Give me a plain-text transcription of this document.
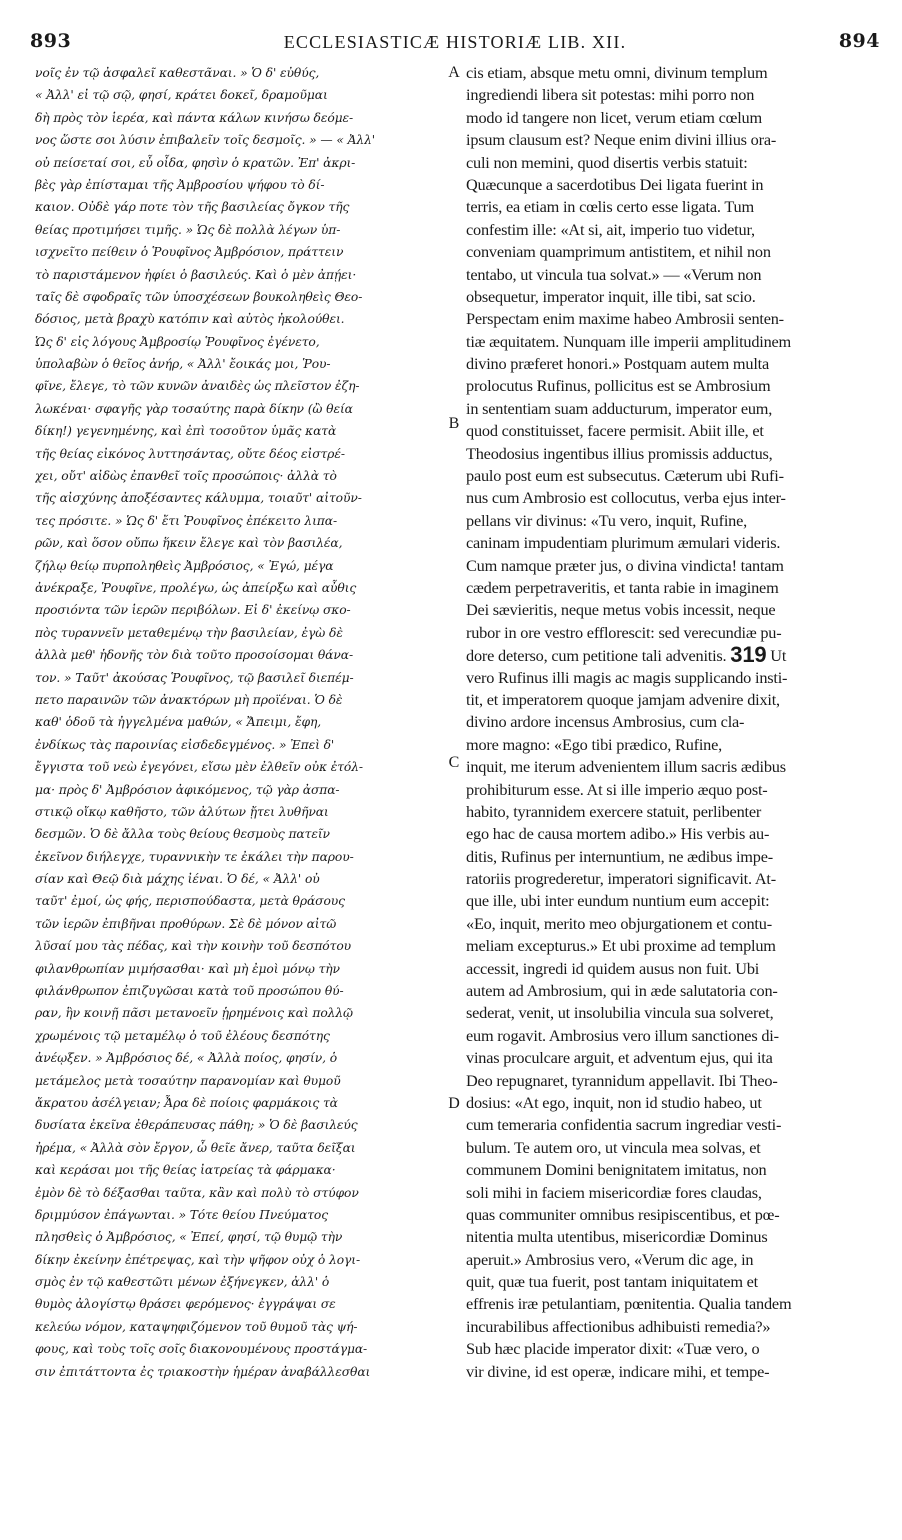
893	ECCLESIASTICÆ HISTORIÆ LIB. XII.	894
νοῖς ἐν τῷ ἀσφαλεῖ καθεστᾶναι. » Ὁ δ' εὐθύς,
« Ἀλλ' εἰ τῷ σῷ, φησί, κράτει δοκεῖ, δραμοῦμαι
δὴ πρὸς τὸν ἱερέα, καὶ πάντα κάλων κινήσω δεόμε-
νος ὥστε σοι λύσιν ἐπιβαλεῖν τοῖς δεσμοῖς. » — « Ἀλλ'
οὐ πείσεταί σοι, εὖ οἶδα, φησὶν ὁ κρατῶν. Ἐπ' ἀκρι-
βὲς γὰρ ἐπίσταμαι τῆς Ἀμβροσίου ψήφου τὸ δί-
καιον. Οὐδὲ γάρ ποτε τὸν τῆς βασιλείας ὄγκον τῆς
θείας προτιμήσει τιμῆς. » Ὡς δὲ πολλὰ λέγων ὑπ-
ισχνεῖτο πείθειν ὁ Ῥουφῖνος Ἀμβρόσιον, πράττειν
τὸ παριστάμενον ἠφίει ὁ βασιλεύς. Καὶ ὁ μὲν ἀπῄει·
ταῖς δὲ σφοδραῖς τῶν ὑποσχέσεων βουκοληθεὶς Θεο-
δόσιος, μετὰ βραχὺ κατόπιν καὶ αὐτὸς ἠκολούθει.
Ὡς δ' εἰς λόγους Ἀμβροσίῳ Ῥουφῖνος ἐγένετο,
ὑπολαβὼν ὁ θεῖος ἀνήρ, « Ἀλλ' ἔοικάς μοι, Ῥου-
φῖνε, ἔλεγε, τὸ τῶν κυνῶν ἀναιδὲς ὡς πλεῖστον ἐζη-
λωκέναι· σφαγῆς γὰρ τοσαύτης παρὰ δίκην (ὢ θεία
δίκη!) γεγενημένης, καὶ ἐπὶ τοσοῦτον ὑμᾶς κατὰ
τῆς θείας εἰκόνος λυττησάντας, οὔτε δέος εἰστρέ-
χει, οὔτ' αἰδὼς ἐπανθεῖ τοῖς προσώποις· ἀλλὰ τὸ
τῆς αἰσχύνης ἀποξέσαντες κάλυμμα, τοιαῦτ' αἰτοῦν-
τες πρόσιτε. » Ὡς δ' ἔτι Ῥουφῖνος ἐπέκειτο λιπα-
ρῶν, καὶ ὅσον οὔπω ἥκειν ἔλεγε καὶ τὸν βασιλέα,
ζήλῳ θείῳ πυρποληθεὶς Ἀμβρόσιος, « Ἐγώ, μέγα
ἀνέκραξε, Ῥουφῖνε, προλέγω, ὡς ἀπείρξω καὶ αὖθις
προσιόντα τῶν ἱερῶν περιβόλων. Εἰ δ' ἐκείνῳ σκο-
πὸς τυραννεῖν μεταθεμένῳ τὴν βασιλείαν, ἐγὼ δὲ
ἀλλὰ μεθ' ἡδονῆς τὸν διὰ τοῦτο προσοίσομαι θάνα-
τον. » Ταῦτ' ἀκούσας Ῥουφῖνος, τῷ βασιλεῖ διεπέμ-
πετο παραινῶν τῶν ἀνακτόρων μὴ προϊέναι. Ὁ δὲ
καθ' ὁδοῦ τὰ ἠγγελμένα μαθών, « Ἄπειμι, ἔφη,
ἐνδίκως τὰς παροινίας εἰσδεδεγμένος. » Ἐπεὶ δ'
ἔγγιστα τοῦ νεὼ ἐγεγόνει, εἴσω μὲν ἐλθεῖν οὐκ ἐτόλ-
μα· πρὸς δ' Ἀμβρόσιον ἀφικόμενος, τῷ γὰρ ἀσπα-
στικῷ οἴκῳ καθῆστο, τῶν ἀλύτων ᾔτει λυθῆναι
δεσμῶν. Ὁ δὲ ἄλλα τοὺς θείους θεσμοὺς πατεῖν
ἐκεῖνον διήλεγχε, τυραννικὴν τε ἐκάλει τὴν παρου-
σίαν καὶ Θεῷ διὰ μάχης ἰέναι. Ὁ δέ, « Ἀλλ' οὐ
ταῦτ' ἐμοί, ὡς φής, περισπούδαστα, μετὰ θράσους
τῶν ἱερῶν ἐπιβῆναι προθύρων. Σὲ δὲ μόνον αἰτῶ
λῦσαί μου τὰς πέδας, καὶ τὴν κοινὴν τοῦ δεσπότου
φιλανθρωπίαν μιμήσασθαι· καὶ μὴ ἐμοὶ μόνῳ τὴν
φιλάνθρωπον ἐπιζυγῶσαι κατὰ τοῦ προσώπου θύ-
ραν, ἣν κοινῇ πᾶσι μετανοεῖν ᾑρημένοις καὶ πολλῷ
χρωμένοις τῷ μεταμέλῳ ὁ τοῦ ἐλέους δεσπότης
ἀνέῳξεν. » Ἀμβρόσιος δέ, « Ἀλλὰ ποίος, φησίν, ὁ
μετάμελος μετὰ τοσαύτην παρανομίαν καὶ θυμοῦ
ἄκρατου ἀσέλγειαν; Ἆρα δὲ ποίοις φαρμάκοις τὰ
δυσίατα ἐκεῖνα ἐθεράπευσας πάθη; » Ὁ δὲ βασιλεύς
ἠρέμα, « Ἀλλὰ σὸν ἔργον, ὦ θεῖε ἄνερ, ταῦτα δεῖξαι
καὶ κεράσαι μοι τῆς θείας ἰατρείας τὰ φάρμακα·
ἐμὸν δὲ τὸ δέξασθαι ταῦτα, κἂν καὶ πολὺ τὸ στύφον
δριμμύσον ἐπάγωνται. » Τότε θείου Πνεύματος
πλησθεὶς ὁ Ἀμβρόσιος, « Ἐπεί, φησί, τῷ θυμῷ τὴν
δίκην ἐκείνην ἐπέτρεψας, καὶ τὴν ψῆφον οὐχ ὁ λογι-
σμὸς ἐν τῷ καθεστῶτι μένων ἐξήνεγκεν, ἀλλ' ὁ
θυμὸς ἀλογίστῳ θράσει φερόμενος· ἐγγράψαι σε
κελεύω νόμον, καταψηφιζόμενον τοῦ θυμοῦ τὰς ψή-
φους, καὶ τοὺς τοῖς σοῖς διακονουμένους προστάγμα-
σιν ἐπιτάττοντα ἐς τριακοστὴν ἡμέραν ἀναβάλλεσθαι
A
B
C
D
cis etiam, absque metu omni, divinum templum
ingrediendi libera sit potestas: mihi porro non
modo id tangere non licet, verum etiam cœlum
ipsum clausum est? Neque enim divini illius ora-
culi non memini, quod disertis verbis statuit:
Quæcunque a sacerdotibus Dei ligata fuerint in
terris, ea etiam in cœlis certo esse ligata. Tum
confestim ille: «At si, ait, imperio tuo videtur,
conveniam quamprimum antistitem, et nihil non
tentabo, ut vincula tua solvat.» — «Verum non
obsequetur, imperator inquit, ille tibi, sat scio.
Perspectam enim maxime habeo Ambrosii senten-
tiæ æquitatem. Nunquam ille imperii amplitudinem
divino præferet honori.» Postquam autem multa
prolocutus Rufinus, pollicitus est se Ambrosium
in sententiam suam adducturum, imperator eum,
quod constituisset, facere permisit. Abiit ille, et
Theodosius ingentibus illius promissis adductus,
paulo post eum est subsecutus. Cæterum ubi Rufi-
nus cum Ambrosio est collocutus, verba ejus inter-
pellans vir divinus: «Tu vero, inquit, Rufine,
caninam impudentiam plurimum æmulari videris.
Cum namque præter jus, o divina vindicta! tantam
cædem perpetraveritis, et tanta rabie in imaginem
Dei sævieritis, neque metus vobis incessit, neque
rubor in ore vestro efflorescit: sed verecundiæ pu-
dore deterso, cum petitione tali advenitis. 319 Ut
vero Rufinus illi magis ac magis supplicando insti-
tit, et imperatorem quoque jamjam advenire dixit,
divino ardore incensus Ambrosius, cum cla-
more magno: «Ego tibi prædico, Rufine,
inquit, me iterum advenientem illum sacris ædibus
prohibiturum esse. At si ille imperio æquo post-
habito, tyrannidem exercere statuit, perlibenter
ego hac de causa mortem adibo.» His verbis au-
ditis, Rufinus per internuntium, ne ædibus impe-
ratoriis progrederetur, imperatori significavit. At-
que ille, ubi inter eundum nuntium eum accepit:
«Eo, inquit, merito meo objurgationem et contu-
meliam excepturus.» Et ubi proxime ad templum
accessit, ingredi id quidem ausus non fuit. Ubi
autem ad Ambrosium, qui in æde salutatoria con-
sederat, venit, ut insolubilia vincula sua solveret,
eum rogavit. Ambrosius vero illum sanctiones di-
vinas proculcare arguit, et adventum ejus, qui ita
Deo repugnaret, tyrannidum appellavit. Ibi Theo-
dosius: «At ego, inquit, non id studio habeo, ut
cum temeraria confidentia sacrum ingrediar vesti-
bulum. Te autem oro, ut vincula mea solvas, et
communem Domini benignitatem imitatus, non
soli mihi in faciem misericordiæ fores claudas,
quas communiter omnibus resipiscentibus, et pœ-
nitentia multa utentibus, misericordiæ Dominus
aperuit.» Ambrosius vero, «Verum dic age, in
quit, quæ tua fuerit, post tantam iniquitatem et
effrenis iræ petulantiam, pœnitentia. Qualia tandem
incurabilibus affectionibus adhibuisti remedia?»
Sub hæc placide imperator dixit: «Tuæ vero, o
vir divine, id est operæ, indicare mihi, et tempe-
